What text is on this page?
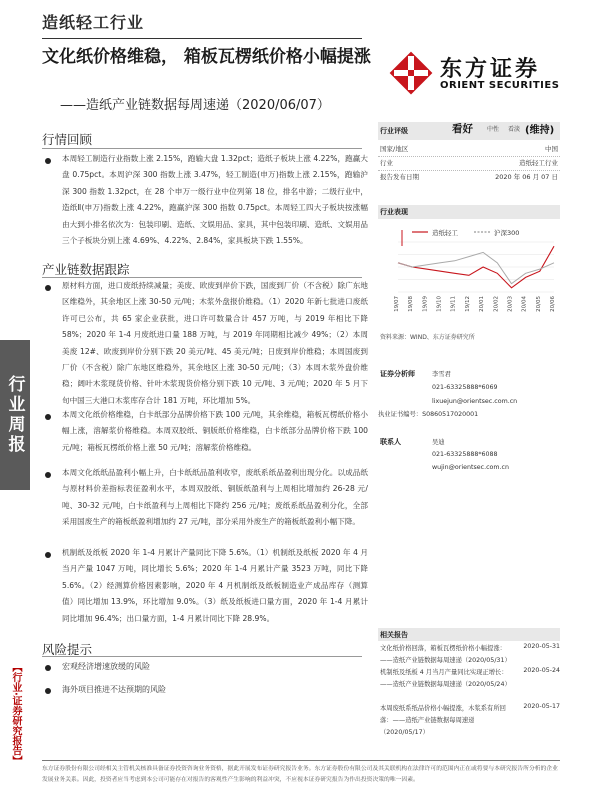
造纸轻工行业
文化纸价格维稳， 箱板瓦楞纸价格小幅提涨
——造纸产业链数据每周速递（2020/06/07）
东方证券
ORIENT SECURITIES
行业周报
【行业·证券研究报告】
行情回顾
本周轻工制造行业指数上涨 2.15%，跑输大盘 1.32pct；造纸子板块上涨 4.22%，跑赢大盘 0.75pct。本周沪深 300 指数上涨 3.47%，轻工制造(申万)指数上涨 2.15%，跑输沪深 300 指数 1.32pct，在 28 个申万一级行业中位列第 18 位，排名中游；二级行业中，造纸Ⅱ(申万)指数上涨 4.22%，跑赢沪深 300 指数 0.75pct。本周轻工四大子板块按涨幅由大到小排名依次为：包装印刷、造纸、文娱用品、家具，其中包装印刷、造纸、文娱用品三个子板块分别上涨 4.69%、4.22%、2.84%，家具板块下跌 1.55%。
产业链数据跟踪
原材料方面，进口废纸持续减量；美废、欧废到岸价下跌，国废到厂价（不含税）除广东地区维稳外，其余地区上涨 30-50 元/吨；木浆外盘报价维稳。（1）2020 年新七批进口废纸许可已公布，共 65 家企业获批，进口许可数量合计 457 万吨，与 2019 年相比下降 58%；2020 年 1-4 月废纸进口量 188 万吨，与 2019 年同期相比减少 49%；（2）本周美废 12#、欧废到岸价分别下跌 20 美元/吨、45 美元/吨；日废到岸价维稳；本周国废到厂价（不含税）除广东地区维稳外，其余地区上涨 30-50 元/吨；（3）本周木浆外盘价维稳；阔叶木浆现货价格、针叶木浆现货价格分别下跌 10 元/吨、3 元/吨；2020 年 5 月下旬中国三大港口木浆库存合计 181 万吨，环比增加 5%。
本周文化纸价格维稳，白卡纸部分品牌价格下跌 100 元/吨，其余维稳，箱板瓦楞纸价格小幅上涨，溶解浆价格维稳。本周双胶纸、铜版纸价格维稳，白卡纸部分品牌价格下跌 100 元/吨；箱板瓦楞纸价格上涨 50 元/吨；溶解浆价格维稳。
本周文化纸纸品盈利小幅上升，白卡纸纸品盈利收窄，废纸系纸品盈利出现分化。以成品纸与原材料价差指标表征盈利水平，本周双胶纸、铜版纸盈利与上周相比增加约 26-28 元/吨、30-32 元/吨，白卡纸盈利与上周相比下降约 256 元/吨；废纸系纸品盈利分化，全部采用国废生产的箱板纸盈利增加约 27 元/吨，部分采用外废生产的箱板纸盈利小幅下降。
机制纸及纸板 2020 年 1-4 月累计产量同比下降 5.6%。（1）机制纸及纸板 2020 年 4 月当月产量 1047 万吨，同比增长 5.6%；2020 年 1-4 月累计产量 3523 万吨，同比下降 5.6%。（2）经测算价格因素影响，2020 年 4 月机制纸及纸板制造业产成品库存（测算值）同比增加 13.9%，环比增加 9.0%。（3）纸及纸板进口量方面，2020 年 1-4 月累计同比增加 96.4%；出口量方面，1-4 月累计同比下降 28.9%。
风险提示
宏观经济增速放缓的风险
海外项目推进不达预期的风险
行业评级	看好 中性 看淡 (维持)
国家/地区	中国
行业	造纸轻工行业
报告发布日期	2020 年 06 月 07 日
行业表现
造纸轻工	沪深300
19/07 19/08 19/09 19/10 19/11 19/12 20/01 20/02 20/03 20/04 20/05 20/06
资料来源：WIND、东方证券研究所
证券分析师	李雪君
021-63325888*6069
lixuejun@orientsec.com.cn
执业证书编号：S0860517020001
联系人	吴迪
021-63325888*6088
wujin@orientsec.com.cn
相关报告
文化纸价格回落，箱板瓦楞纸价格小幅提涨：——造纸产业链数据每周速递（2020/05/31）
2020-05-31
机制纸及纸板 4 月当月产量同比实现正增长：——造纸产业链数据每周速递（2020/05/24）
2020-05-24
本周废纸系纸品价格小幅提涨，木浆系有所回落：——造纸产业链数据每周速递（2020/05/17）
2020-05-17
东方证券股份有限公司经相关主管机关核准具备证券投资咨询业务资格，据此开展发布证券研究报告业务。东方证券股份有限公司及其关联机构在法律许可的范围内正在或将要与本研究报告所分析的企业发展业务关系。因此，投资者应当考虑到本公司可能存在对报告的客观性产生影响的利益冲突，不应视本证券研究报告为作出投资决策的唯一因素。
